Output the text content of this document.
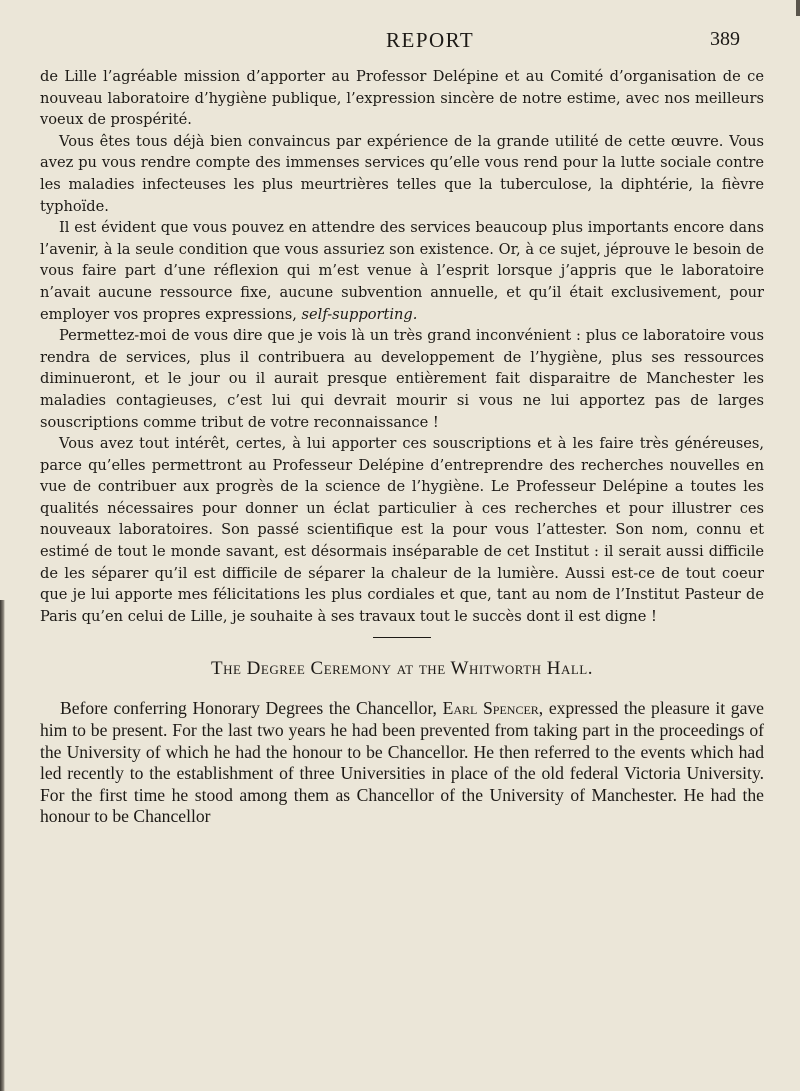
REPORT	389

de Lille l’agréable mission d’apporter au Professor Delépine et au Comité d’organisation de ce nouveau laboratoire d’hygiène publique, l’expression sincère de notre estime, avec nos meilleurs voeux de prospérité.

Vous êtes tous déjà bien convaincus par expérience de la grande utilité de cette œuvre. Vous avez pu vous rendre compte des immenses services qu’elle vous rend pour la lutte sociale contre les maladies infecteuses les plus meurtrières telles que la tuberculose, la diphtérie, la fièvre typhoïde.

Il est évident que vous pouvez en attendre des services beaucoup plus importants encore dans l’avenir, à la seule condition que vous assuriez son existence. Or, à ce sujet, jéprouve le besoin de vous faire part d’une réflexion qui m’est venue à l’esprit lorsque j’appris que le laboratoire n’avait aucune ressource fixe, aucune subvention annuelle, et qu’il était exclusivement, pour employer vos propres expressions, self-supporting.

Permettez-moi de vous dire que je vois là un très grand inconvénient : plus ce laboratoire vous rendra de services, plus il contribuera au developpement de l’hygiène, plus ses ressources diminueront, et le jour ou il aurait presque entièrement fait disparaitre de Manchester les maladies contagieuses, c’est lui qui devrait mourir si vous ne lui apportez pas de larges souscriptions comme tribut de votre reconnaissance !

Vous avez tout intérêt, certes, à lui apporter ces souscriptions et à les faire très généreuses, parce qu’elles permettront au Professeur Delépine d’entreprendre des recherches nouvelles en vue de contribuer aux progrès de la science de l’hygiène. Le Professeur Delépine a toutes les qualités nécessaires pour donner un éclat particulier à ces recherches et pour illustrer ces nouveaux laboratoires. Son passé scientifique est la pour vous l’attester. Son nom, connu et estimé de tout le monde savant, est désormais inséparable de cet Institut : il serait aussi difficile de les séparer qu’il est difficile de séparer la chaleur de la lumière. Aussi est-ce de tout coeur que je lui apporte mes félicitations les plus cordiales et que, tant au nom de l’Institut Pasteur de Paris qu’en celui de Lille, je souhaite à ses travaux tout le succès dont il est digne !

The Degree Ceremony at the Whitworth Hall.

Before conferring Honorary Degrees the Chancellor, Earl Spencer, expressed the pleasure it gave him to be present. For the last two years he had been prevented from taking part in the proceedings of the University of which he had the honour to be Chancellor. He then referred to the events which had led recently to the establishment of three Universities in place of the old federal Victoria University. For the first time he stood among them as Chancellor of the University of Manchester. He had the honour to be Chancellor
